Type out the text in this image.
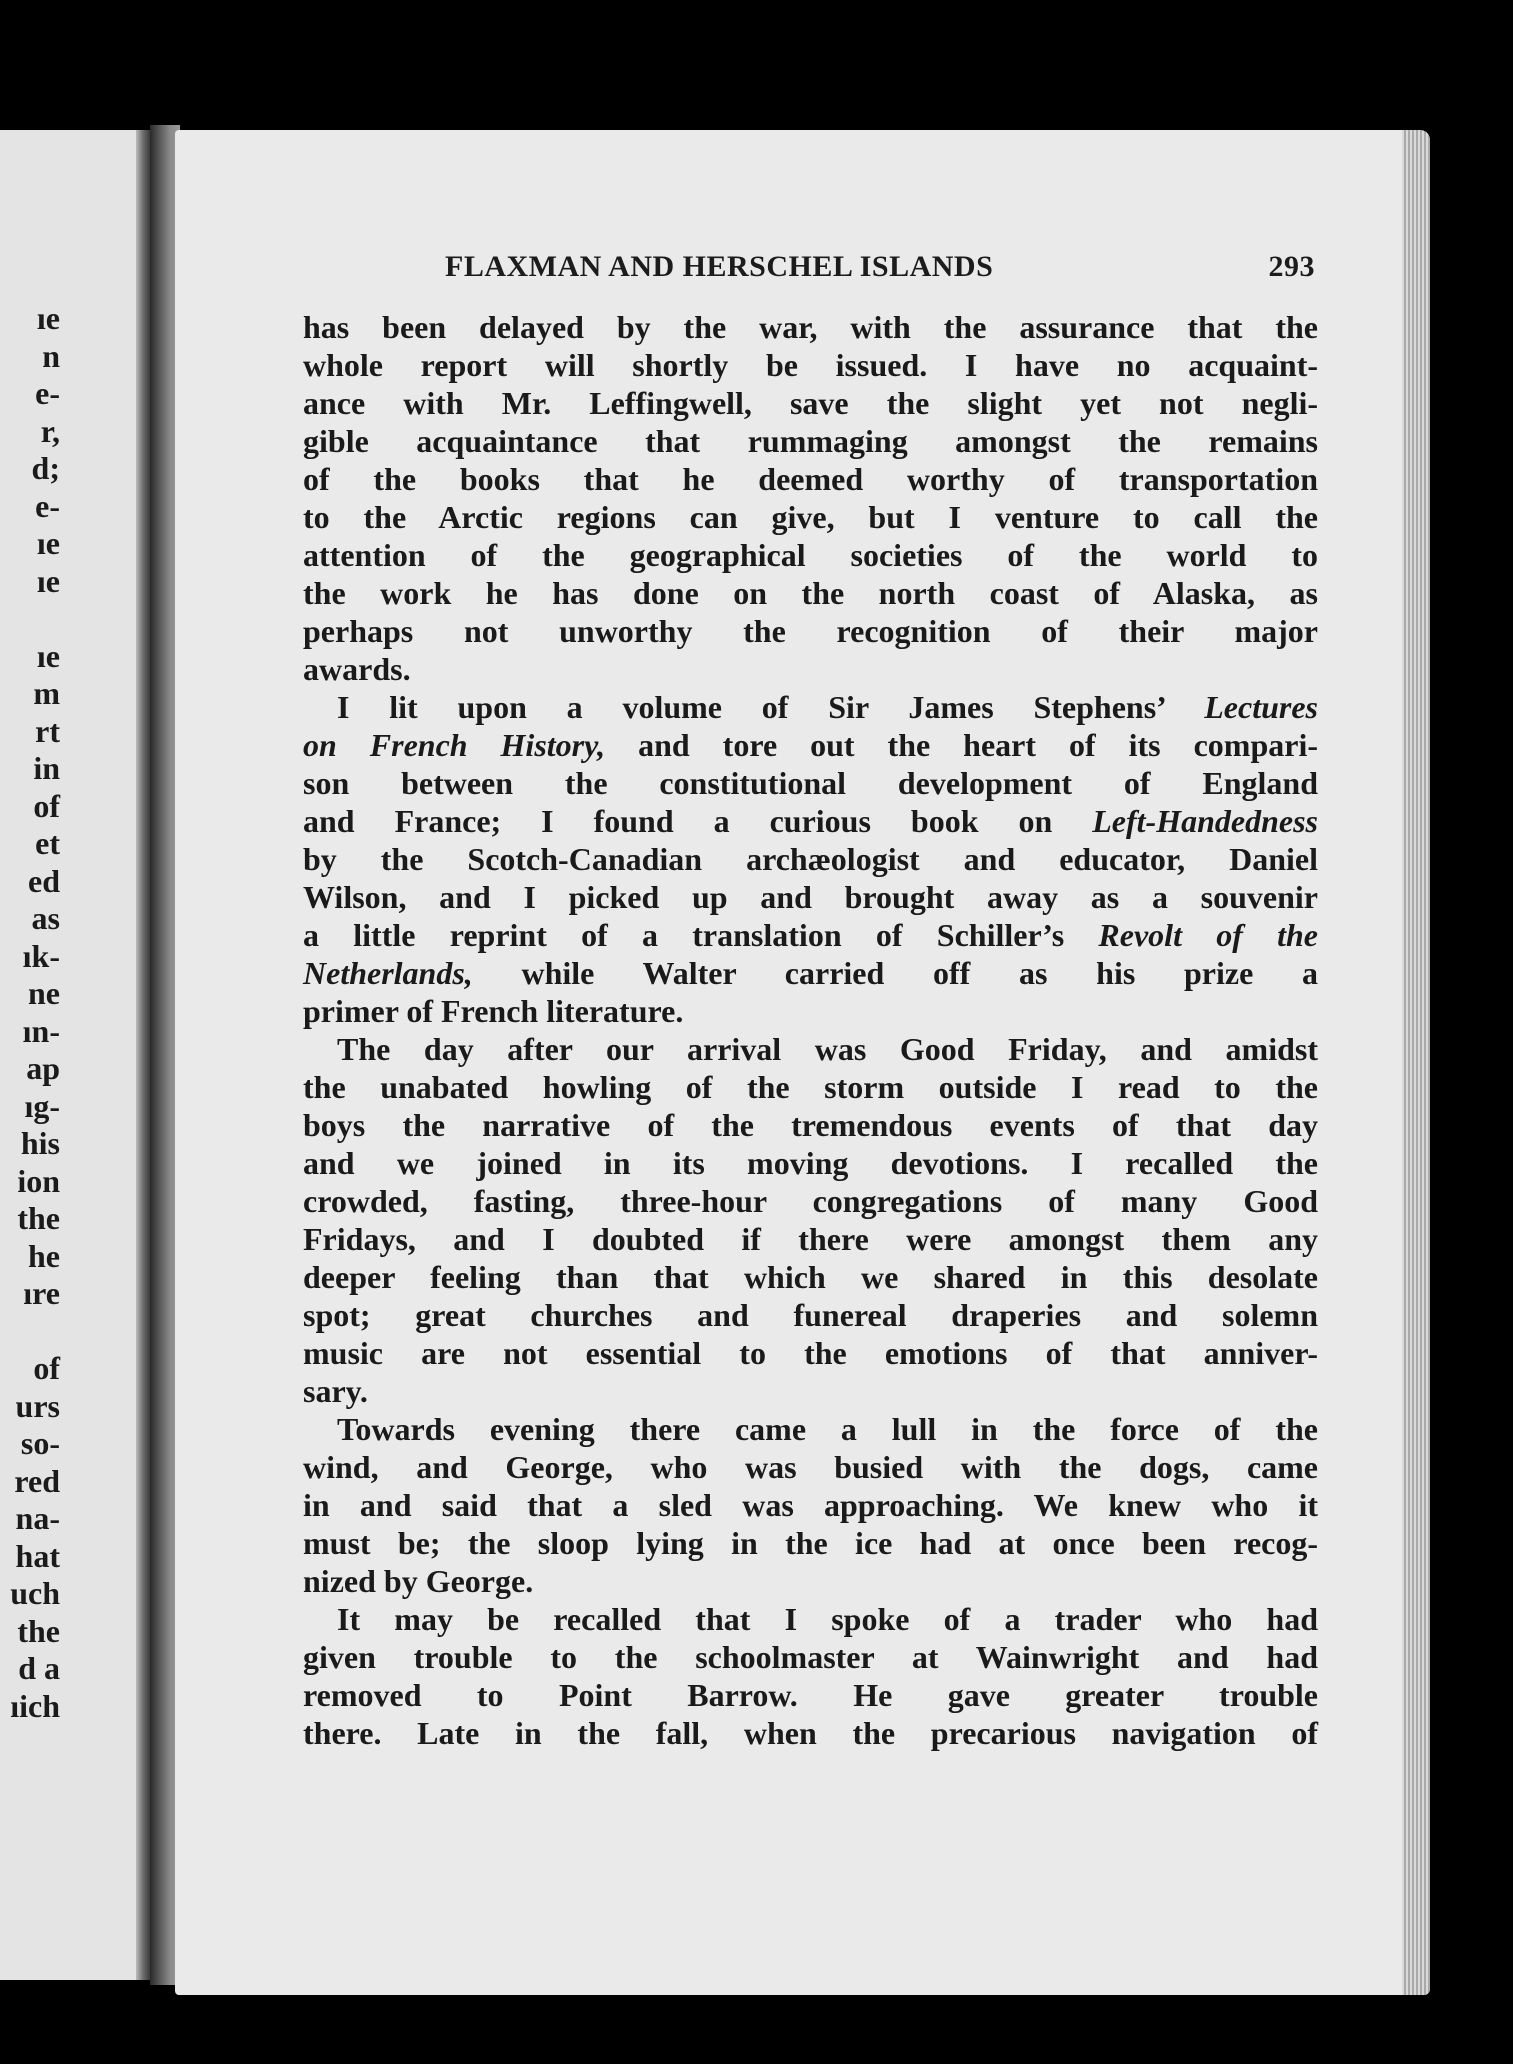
ıe
n
e-
r,
d;
e-
ıe
ıe
ıe
m
rt
in
of
et
ed
as
ık-
ne
ın-
ap
ıg-
his
ion
the
he
ıre
of
urs
so-
red
na-
hat
uch
the
d a
ıich
FLAXMAN AND HERSCHEL ISLANDS	293
has been delayed by the war, with the assurance that the
whole report will shortly be issued. I have no acquaint-
ance with Mr. Leffingwell, save the slight yet not negli-
gible acquaintance that rummaging amongst the remains
of the books that he deemed worthy of transportation
to the Arctic regions can give, but I venture to call the
attention of the geographical societies of the world to
the work he has done on the north coast of Alaska, as
perhaps not unworthy the recognition of their major
awards.
I lit upon a volume of Sir James Stephens’ Lectures
on French History, and tore out the heart of its compari-
son between the constitutional development of England
and France; I found a curious book on Left-Handedness
by the Scotch-Canadian archæologist and educator, Daniel
Wilson, and I picked up and brought away as a souvenir
a little reprint of a translation of Schiller’s Revolt of the
Netherlands, while Walter carried off as his prize a
primer of French literature.
The day after our arrival was Good Friday, and amidst
the unabated howling of the storm outside I read to the
boys the narrative of the tremendous events of that day
and we joined in its moving devotions. I recalled the
crowded, fasting, three-hour congregations of many Good
Fridays, and I doubted if there were amongst them any
deeper feeling than that which we shared in this desolate
spot; great churches and funereal draperies and solemn
music are not essential to the emotions of that anniver-
sary.
Towards evening there came a lull in the force of the
wind, and George, who was busied with the dogs, came
in and said that a sled was approaching. We knew who it
must be; the sloop lying in the ice had at once been recog-
nized by George.
It may be recalled that I spoke of a trader who had
given trouble to the schoolmaster at Wainwright and had
removed to Point Barrow. He gave greater trouble
there. Late in the fall, when the precarious navigation of
